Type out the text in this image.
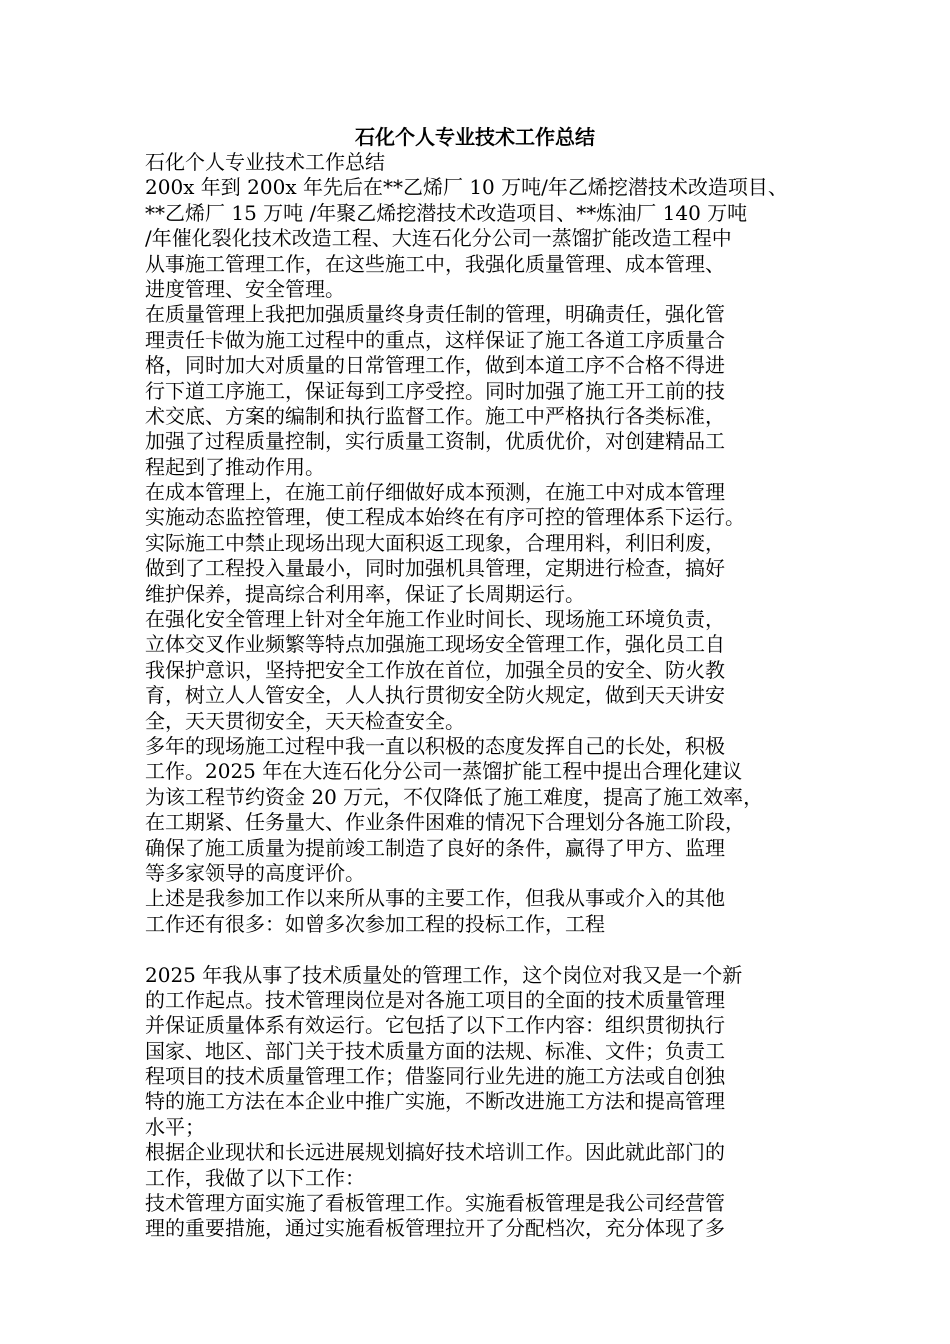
石化个人专业技术工作总结
石化个人专业技术工作总结
200x 年到 200x 年先后在**乙烯厂 10 万吨/年乙烯挖潜技术改造项目、
**乙烯厂 15 万吨 /年聚乙烯挖潜技术改造项目、**炼油厂 140 万吨
/年催化裂化技术改造工程、大连石化分公司一蒸馏扩能改造工程中
从事施工管理工作，在这些施工中，我强化质量管理、成本管理、
进度管理、安全管理。
在质量管理上我把加强质量终身责任制的管理，明确责任，强化管
理责任卡做为施工过程中的重点，这样保证了施工各道工序质量合
格，同时加大对质量的日常管理工作，做到本道工序不合格不得进
行下道工序施工，保证每到工序受控。同时加强了施工开工前的技
术交底、方案的编制和执行监督工作。施工中严格执行各类标准，
加强了过程质量控制，实行质量工资制，优质优价，对创建精品工
程起到了推动作用。
在成本管理上，在施工前仔细做好成本预测，在施工中对成本管理
实施动态监控管理，使工程成本始终在有序可控的管理体系下运行。
实际施工中禁止现场出现大面积返工现象，合理用料，利旧利废，
做到了工程投入量最小，同时加强机具管理，定期进行检查，搞好
维护保养，提高综合利用率，保证了长周期运行。
在强化安全管理上针对全年施工作业时间长、现场施工环境负责，
立体交叉作业频繁等特点加强施工现场安全管理工作，强化员工自
我保护意识，坚持把安全工作放在首位，加强全员的安全、防火教
育，树立人人管安全，人人执行贯彻安全防火规定，做到天天讲安
全，天天贯彻安全，天天检查安全。
多年的现场施工过程中我一直以积极的态度发挥自己的长处，积极
工作。2025 年在大连石化分公司一蒸馏扩能工程中提出合理化建议
为该工程节约资金 20 万元，不仅降低了施工难度，提高了施工效率，
在工期紧、任务量大、作业条件困难的情况下合理划分各施工阶段，
确保了施工质量为提前竣工制造了良好的条件，赢得了甲方、监理
等多家领导的高度评价。
上述是我参加工作以来所从事的主要工作，但我从事或介入的其他
工作还有很多：如曾多次参加工程的投标工作，工程
2025 年我从事了技术质量处的管理工作，这个岗位对我又是一个新
的工作起点。技术管理岗位是对各施工项目的全面的技术质量管理
并保证质量体系有效运行。它包括了以下工作内容：组织贯彻执行
国家、地区、部门关于技术质量方面的法规、标准、文件；负责工
程项目的技术质量管理工作；借鉴同行业先进的施工方法或自创独
特的施工方法在本企业中推广实施，不断改进施工方法和提高管理
水平；
根据企业现状和长远进展规划搞好技术培训工作。因此就此部门的
工作，我做了以下工作：
技术管理方面实施了看板管理工作。实施看板管理是我公司经营管
理的重要措施，通过实施看板管理拉开了分配档次，充分体现了多
